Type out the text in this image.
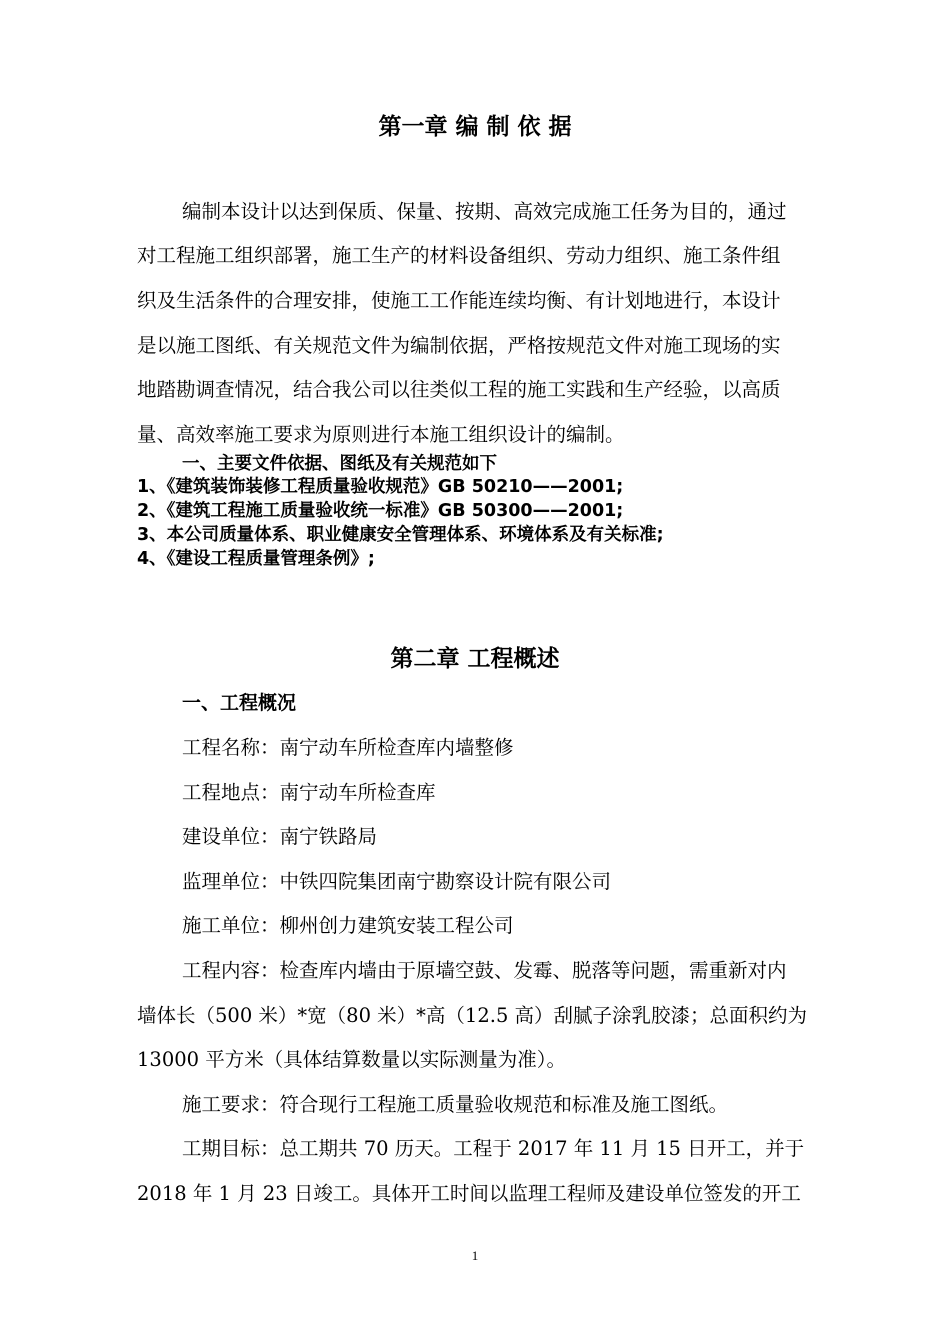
第一章 编 制 依 据
编制本设计以达到保质、保量、按期、高效完成施工任务为目的，通过
对工程施工组织部署，施工生产的材料设备组织、劳动力组织、施工条件组
织及生活条件的合理安排，使施工工作能连续均衡、有计划地进行，本设计
是以施工图纸、有关规范文件为编制依据，严格按规范文件对施工现场的实
地踏勘调查情况，结合我公司以往类似工程的施工实践和生产经验，以高质
量、高效率施工要求为原则进行本施工组织设计的编制。
一、主要文件依据、图纸及有关规范如下
1、《建筑装饰装修工程质量验收规范》GB 50210——2001;
2、《建筑工程施工质量验收统一标准》GB 50300——2001;
3、本公司质量体系、职业健康安全管理体系、环境体系及有关标准;
4、《建设工程质量管理条例》;
第二章 工程概述
一、工程概况
工程名称：南宁动车所检查库内墙整修
工程地点：南宁动车所检查库
建设单位：南宁铁路局
监理单位：中铁四院集团南宁勘察设计院有限公司
施工单位：柳州创力建筑安装工程公司
工程内容：检查库内墙由于原墙空鼓、发霉、脱落等问题，需重新对内
墙体长（500 米）*宽（80 米）*高（12.5 高）刮腻子涂乳胶漆；总面积约为
13000 平方米（具体结算数量以实际测量为准）。
施工要求：符合现行工程施工质量验收规范和标准及施工图纸。
工期目标：总工期共 70 历天。工程于 2017 年 11 月 15 日开工，并于
2018 年 1 月 23 日竣工。具体开工时间以监理工程师及建设单位签发的开工
1
